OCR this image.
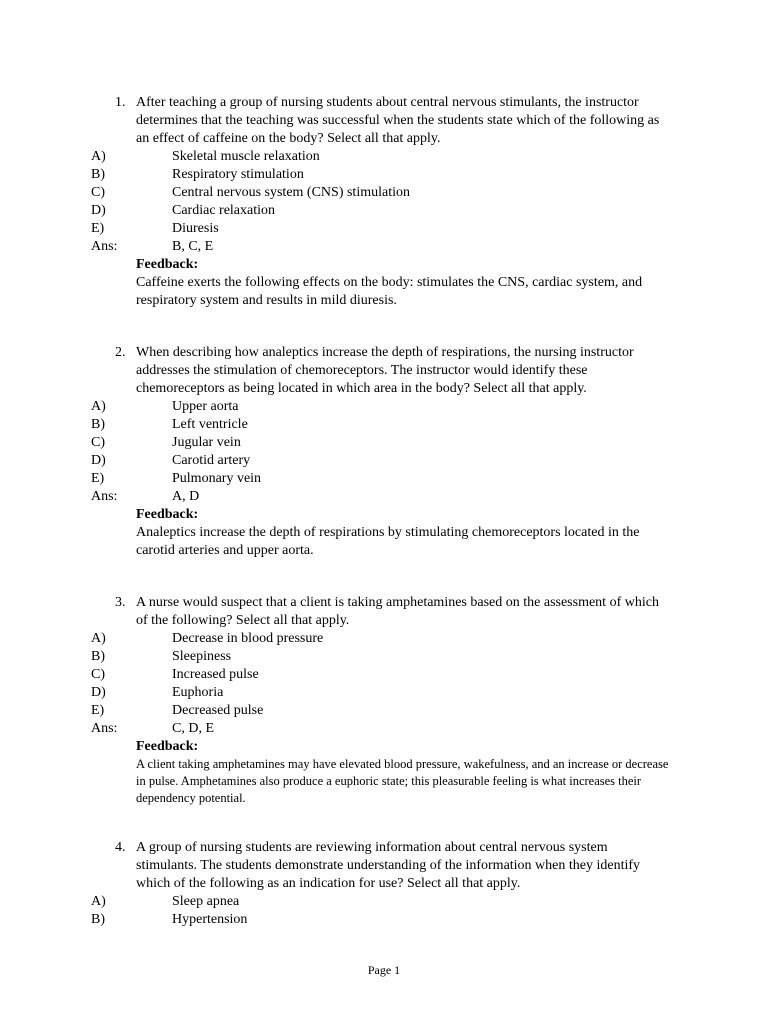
1. After teaching a group of nursing students about central nervous stimulants, the instructor determines that the teaching was successful when the students state which of the following as an effect of caffeine on the body? Select all that apply.
A)	Skeletal muscle relaxation
B)	Respiratory stimulation
C)	Central nervous system (CNS) stimulation
D)	Cardiac relaxation
E)	Diuresis
Ans:	B, C, E
Feedback:
Caffeine exerts the following effects on the body: stimulates the CNS, cardiac system, and respiratory system and results in mild diuresis.
2. When describing how analeptics increase the depth of respirations, the nursing instructor addresses the stimulation of chemoreceptors. The instructor would identify these chemoreceptors as being located in which area in the body? Select all that apply.
A)	Upper aorta
B)	Left ventricle
C)	Jugular vein
D)	Carotid artery
E)	Pulmonary vein
Ans:	A, D
Feedback:
Analeptics increase the depth of respirations by stimulating chemoreceptors located in the carotid arteries and upper aorta.
3. A nurse would suspect that a client is taking amphetamines based on the assessment of which of the following? Select all that apply.
A)	Decrease in blood pressure
B)	Sleepiness
C)	Increased pulse
D)	Euphoria
E)	Decreased pulse
Ans:	C, D, E
Feedback:
A client taking amphetamines may have elevated blood pressure, wakefulness, and an increase or decrease in pulse. Amphetamines also produce a euphoric state; this pleasurable feeling is what increases their dependency potential.
4. A group of nursing students are reviewing information about central nervous system stimulants. The students demonstrate understanding of the information when they identify which of the following as an indication for use? Select all that apply.
A)	Sleep apnea
B)	Hypertension
Page 1
